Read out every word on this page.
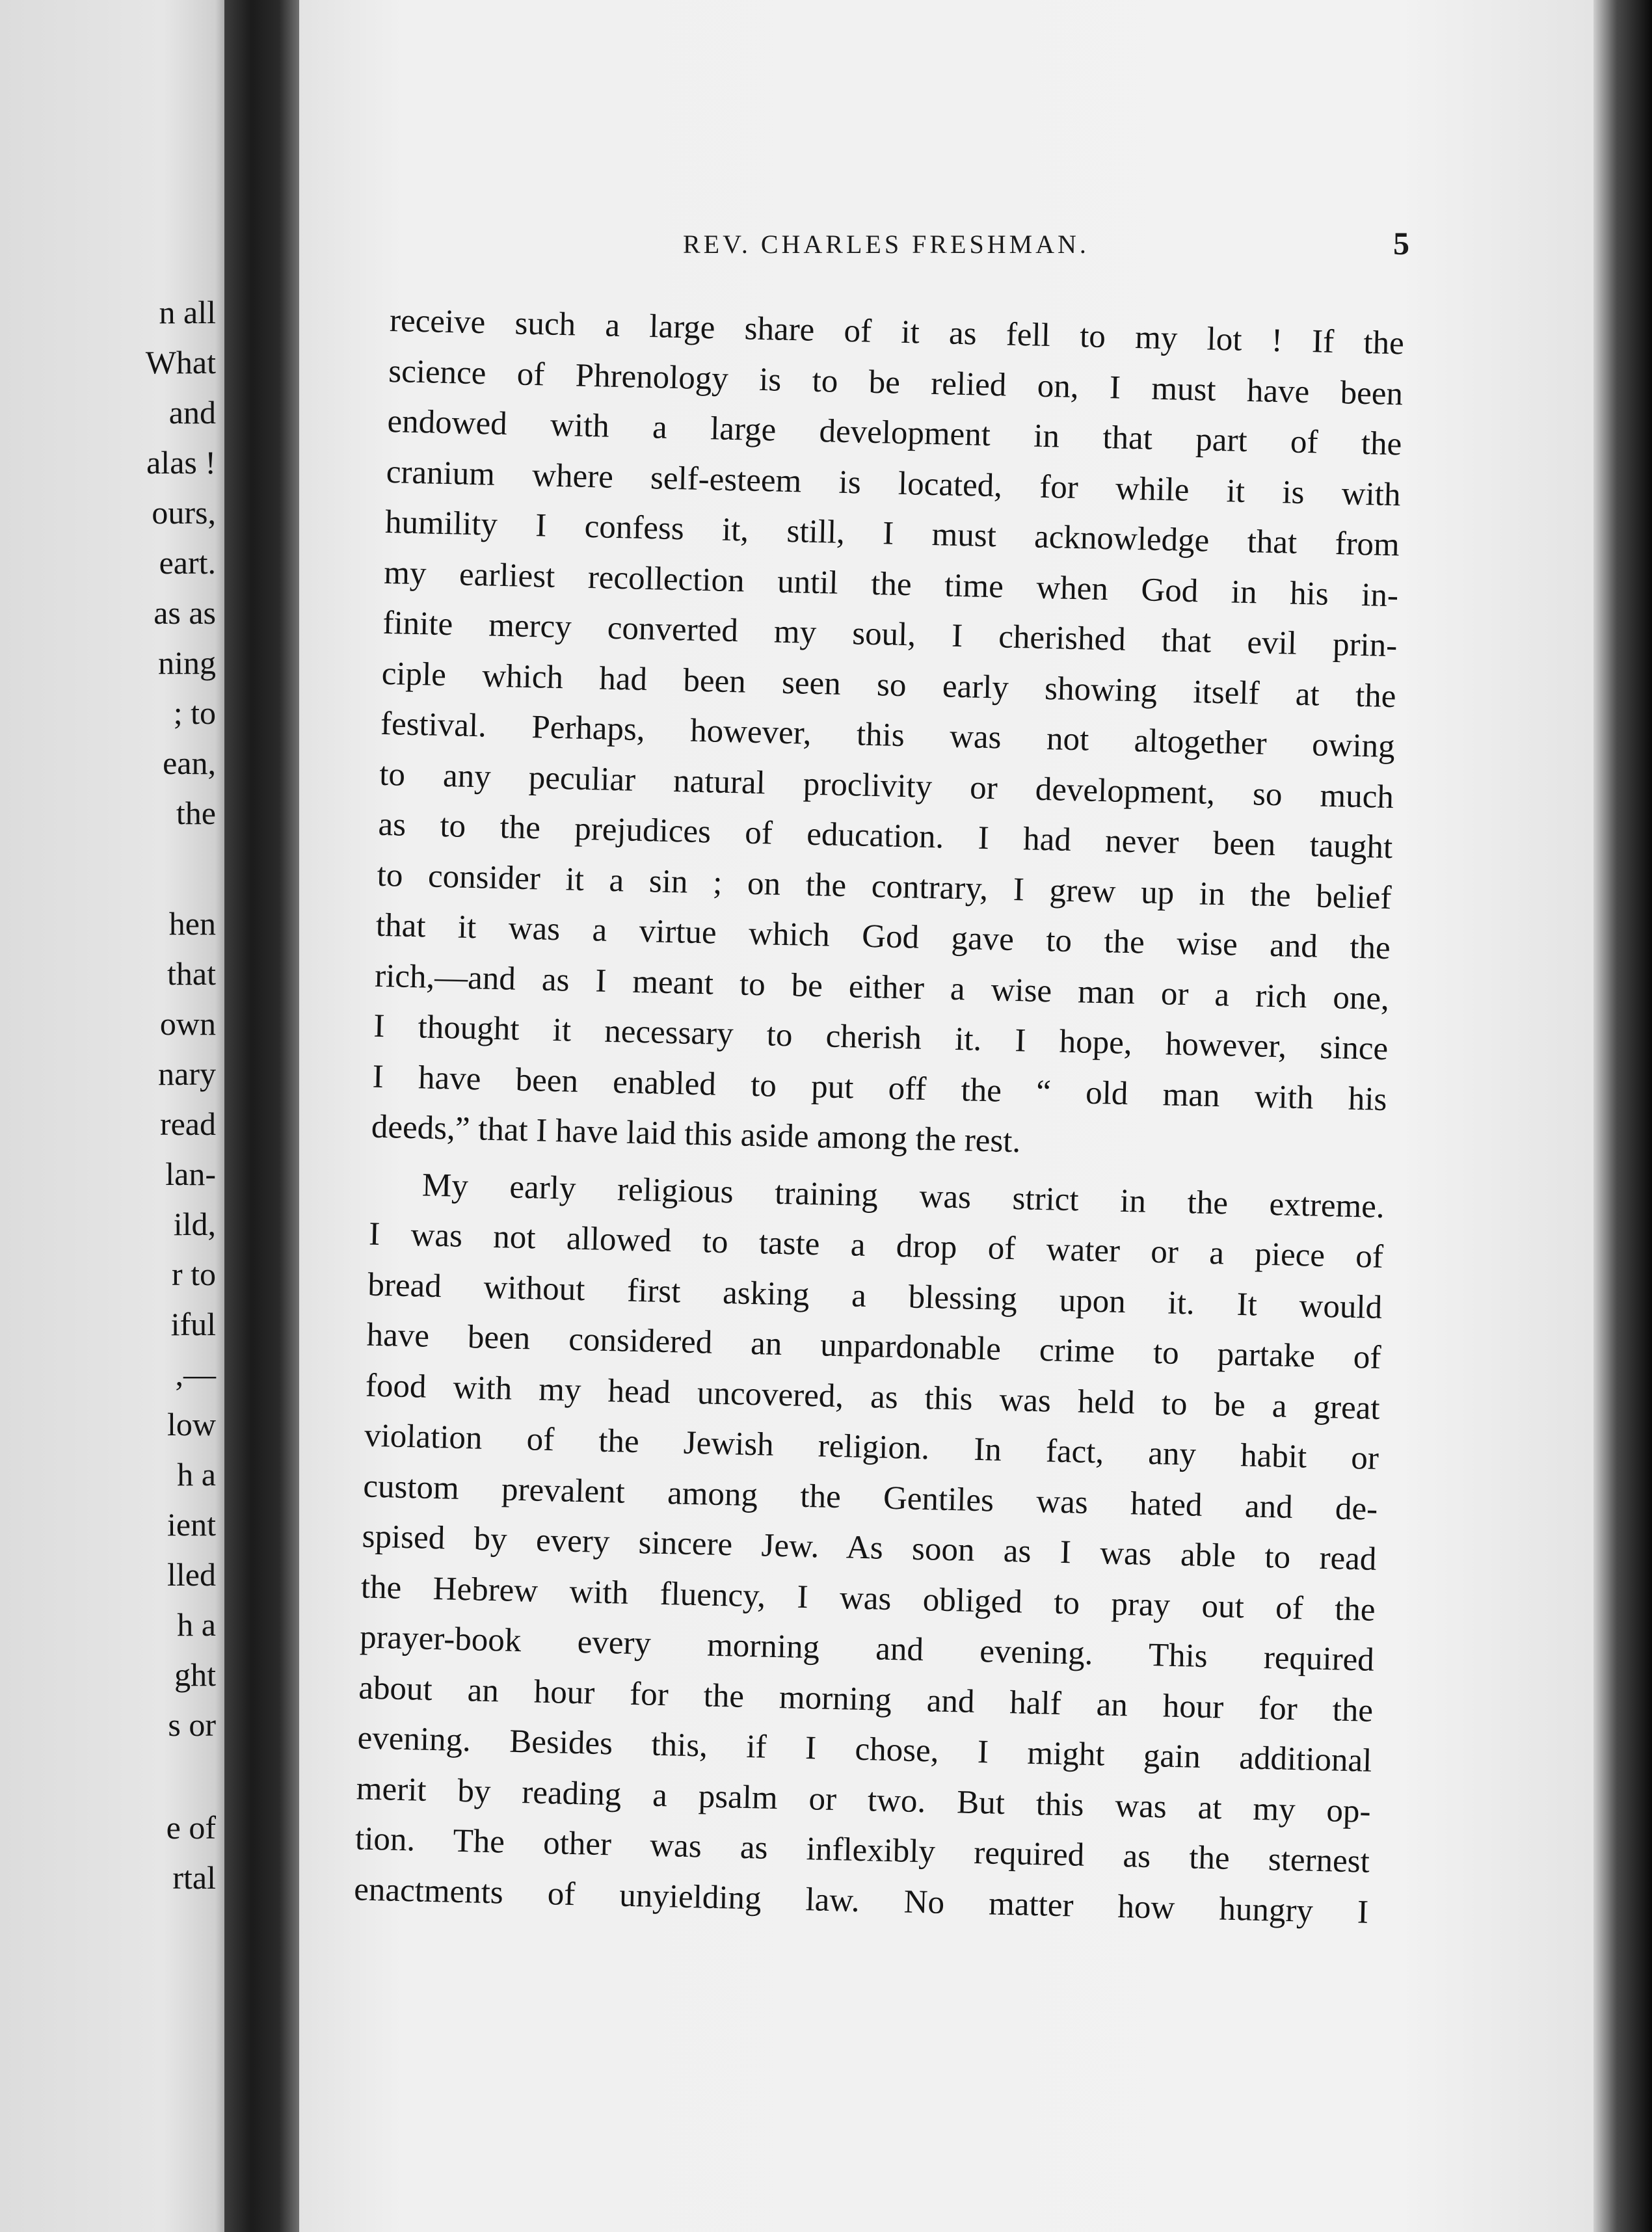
n all
What
and
alas !
ours,
eart.
as as
ning
; to
ean,
the
hen
that
own
nary
read
lan-
ild,
r to
iful
,—
low
h a
ient
lled
h a
ght
s or
e of
rtal
REV. CHARLES FRESHMAN.	5
receive such a large share of it as fell to my lot ! If the
science of Phrenology is to be relied on, I must have been
endowed with a large development in that part of the
cranium where self-esteem is located, for while it is with
humility I confess it, still, I must acknowledge that from
my earliest recollection until the time when God in his in-
finite mercy converted my soul, I cherished that evil prin-
ciple which had been seen so early showing itself at the
festival. Perhaps, however, this was not altogether owing
to any peculiar natural proclivity or development, so much
as to the prejudices of education. I had never been taught
to consider it a sin ; on the contrary, I grew up in the belief
that it was a virtue which God gave to the wise and the
rich,—and as I meant to be either a wise man or a rich one,
I thought it necessary to cherish it. I hope, however, since
I have been enabled to put off the “ old man with his
deeds,” that I have laid this aside among the rest.
My early religious training was strict in the extreme.
I was not allowed to taste a drop of water or a piece of
bread without first asking a blessing upon it. It would
have been considered an unpardonable crime to partake of
food with my head uncovered, as this was held to be a great
violation of the Jewish religion. In fact, any habit or
custom prevalent among the Gentiles was hated and de-
spised by every sincere Jew. As soon as I was able to read
the Hebrew with fluency, I was obliged to pray out of the
prayer-book every morning and evening. This required
about an hour for the morning and half an hour for the
evening. Besides this, if I chose, I might gain additional
merit by reading a psalm or two. But this was at my op-
tion. The other was as inflexibly required as the sternest
enactments of unyielding law. No matter how hungry I
